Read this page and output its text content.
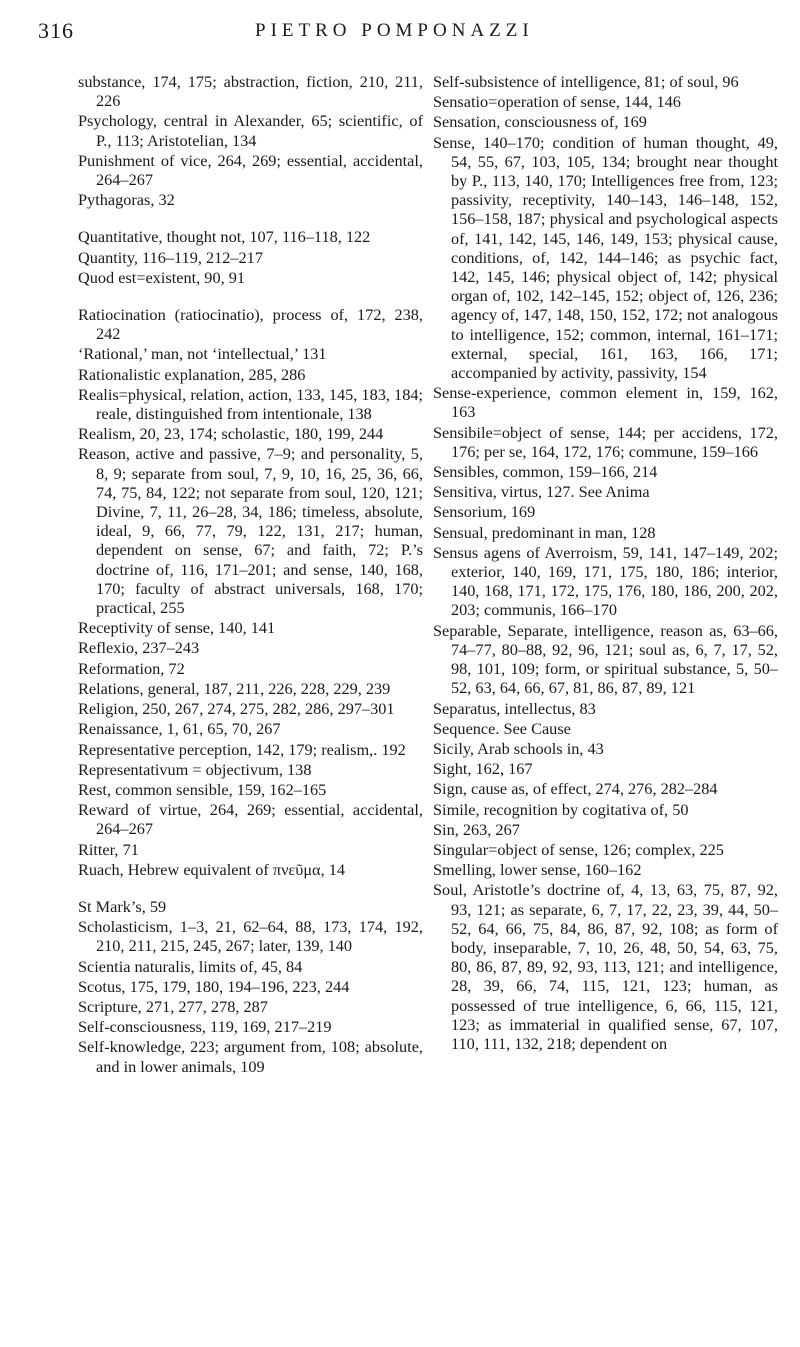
316	PIETRO POMPONAZZI

substance, 174, 175; abstraction, fiction, 210, 211, 226

Psychology, central in Alexander, 65; scientific, of P., 113; Aristotelian, 134

Punishment of vice, 264, 269; essential, accidental, 264–267

Pythagoras, 32

Quantitative, thought not, 107, 116–118, 122

Quantity, 116–119, 212–217

Quod est=existent, 90, 91

Ratiocination (ratiocinatio), process of, 172, 238, 242

‘Rational,’ man, not ‘intellectual,’ 131

Rationalistic explanation, 285, 286

Realis=physical, relation, action, 133, 145, 183, 184; reale, distinguished from intentionale, 138

Realism, 20, 23, 174; scholastic, 180, 199, 244

Reason, active and passive, 7–9; and personality, 5, 8, 9; separate from soul, 7, 9, 10, 16, 25, 36, 66, 74, 75, 84, 122; not separate from soul, 120, 121; Divine, 7, 11, 26–28, 34, 186; timeless, absolute, ideal, 9, 66, 77, 79, 122, 131, 217; human, dependent on sense, 67; and faith, 72; P.’s doctrine of, 116, 171–201; and sense, 140, 168, 170; faculty of abstract universals, 168, 170; practical, 255

Receptivity of sense, 140, 141

Reflexio, 237–243

Reformation, 72

Relations, general, 187, 211, 226, 228, 229, 239

Religion, 250, 267, 274, 275, 282, 286, 297–301

Renaissance, 1, 61, 65, 70, 267

Representative perception, 142, 179; realism,. 192

Representativum = objectivum, 138

Rest, common sensible, 159, 162–165

Reward of virtue, 264, 269; essential, accidental, 264–267

Ritter, 71

Ruach, Hebrew equivalent of πνεῦμα, 14

St Mark’s, 59

Scholasticism, 1–3, 21, 62–64, 88, 173, 174, 192, 210, 211, 215, 245, 267; later, 139, 140

Scientia naturalis, limits of, 45, 84

Scotus, 175, 179, 180, 194–196, 223, 244

Scripture, 271, 277, 278, 287

Self-consciousness, 119, 169, 217–219

Self-knowledge, 223; argument from, 108; absolute, and in lower animals, 109

Self-subsistence of intelligence, 81; of soul, 96

Sensatio=operation of sense, 144, 146

Sensation, consciousness of, 169

Sense, 140–170; condition of human thought, 49, 54, 55, 67, 103, 105, 134; brought near thought by P., 113, 140, 170; Intelligences free from, 123; passivity, receptivity, 140–143, 146–148, 152, 156–158, 187; physical and psychological aspects of, 141, 142, 145, 146, 149, 153; physical cause, conditions, of, 142, 144–146; as psychic fact, 142, 145, 146; physical object of, 142; physical organ of, 102, 142–145, 152; object of, 126, 236; agency of, 147, 148, 150, 152, 172; not analogous to intelligence, 152; common, internal, 161–171; external, special, 161, 163, 166, 171; accompanied by activity, passivity, 154

Sense-experience, common element in, 159, 162, 163

Sensibile=object of sense, 144; per accidens, 172, 176; per se, 164, 172, 176; commune, 159–166

Sensibles, common, 159–166, 214

Sensitiva, virtus, 127. See Anima

Sensorium, 169

Sensual, predominant in man, 128

Sensus agens of Averroism, 59, 141, 147–149, 202; exterior, 140, 169, 171, 175, 180, 186; interior, 140, 168, 171, 172, 175, 176, 180, 186, 200, 202, 203; communis, 166–170

Separable, Separate, intelligence, reason as, 63–66, 74–77, 80–88, 92, 96, 121; soul as, 6, 7, 17, 52, 98, 101, 109; form, or spiritual substance, 5, 50–52, 63, 64, 66, 67, 81, 86, 87, 89, 121

Separatus, intellectus, 83

Sequence. See Cause

Sicily, Arab schools in, 43

Sight, 162, 167

Sign, cause as, of effect, 274, 276, 282–284

Simile, recognition by cogitativa of, 50

Sin, 263, 267

Singular=object of sense, 126; complex, 225

Smelling, lower sense, 160–162

Soul, Aristotle’s doctrine of, 4, 13, 63, 75, 87, 92, 93, 121; as separate, 6, 7, 17, 22, 23, 39, 44, 50–52, 64, 66, 75, 84, 86, 87, 92, 108; as form of body, inseparable, 7, 10, 26, 48, 50, 54, 63, 75, 80, 86, 87, 89, 92, 93, 113, 121; and intelligence, 28, 39, 66, 74, 115, 121, 123; human, as possessed of true intelligence, 6, 66, 115, 121, 123; as immaterial in qualified sense, 67, 107, 110, 111, 132, 218; dependent on
